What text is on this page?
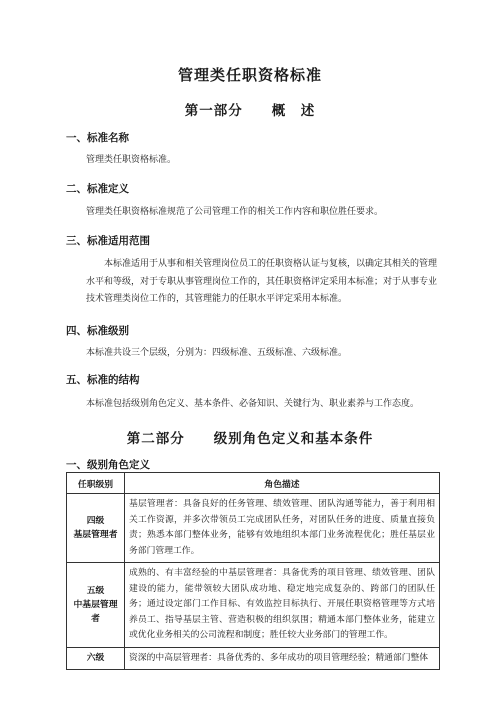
管理类任职资格标准
第一部分　　概　述
一、标准名称
管理类任职资格标准。
二、标准定义
管理类任职资格标准规范了公司管理工作的相关工作内容和职位胜任要求。
三、标准适用范围
本标准适用于从事和相关管理岗位员工的任职资格认证与复核，以确定其相关的管理水平和等级，对于专职从事管理岗位工作的，其任职资格评定采用本标准；对于从事专业技术管理类岗位工作的，其管理能力的任职水平评定采用本标准。
四、标准级别
本标准共设三个层级，分别为：四级标准、五级标准、六级标准。
五、标准的结构
本标准包括级别角色定义、基本条件、必备知识、关键行为、职业素养与工作态度。
第二部分　　级别角色定义和基本条件
一、级别角色定义
任职级别	角色描述

四级
基层管理者	基层管理者：具备良好的任务管理、绩效管理、团队沟通等能力，善于利用相关工作资源，并多次带领员工完成团队任务，对团队任务的进度、质量直接负责；熟悉本部门整体业务，能够有效地组织本部门业务流程优化；胜任基层业务部门管理工作。

五级
中基层管理者	成熟的、有丰富经验的中基层管理者：具备优秀的项目管理、绩效管理、团队建设的能力，能带领较大团队成功地、稳定地完成复杂的、跨部门的团队任务；通过设定部门工作目标、有效监控目标执行、开展任职资格管理等方式培养员工、指导基层主管、营造积极的组织氛围；精通本部门整体业务，能建立或优化业务相关的公司流程和制度；胜任较大业务部门的管理工作。

六级	资深的中高层管理者：具备优秀的、多年成功的项目管理经验；精通部门整体
